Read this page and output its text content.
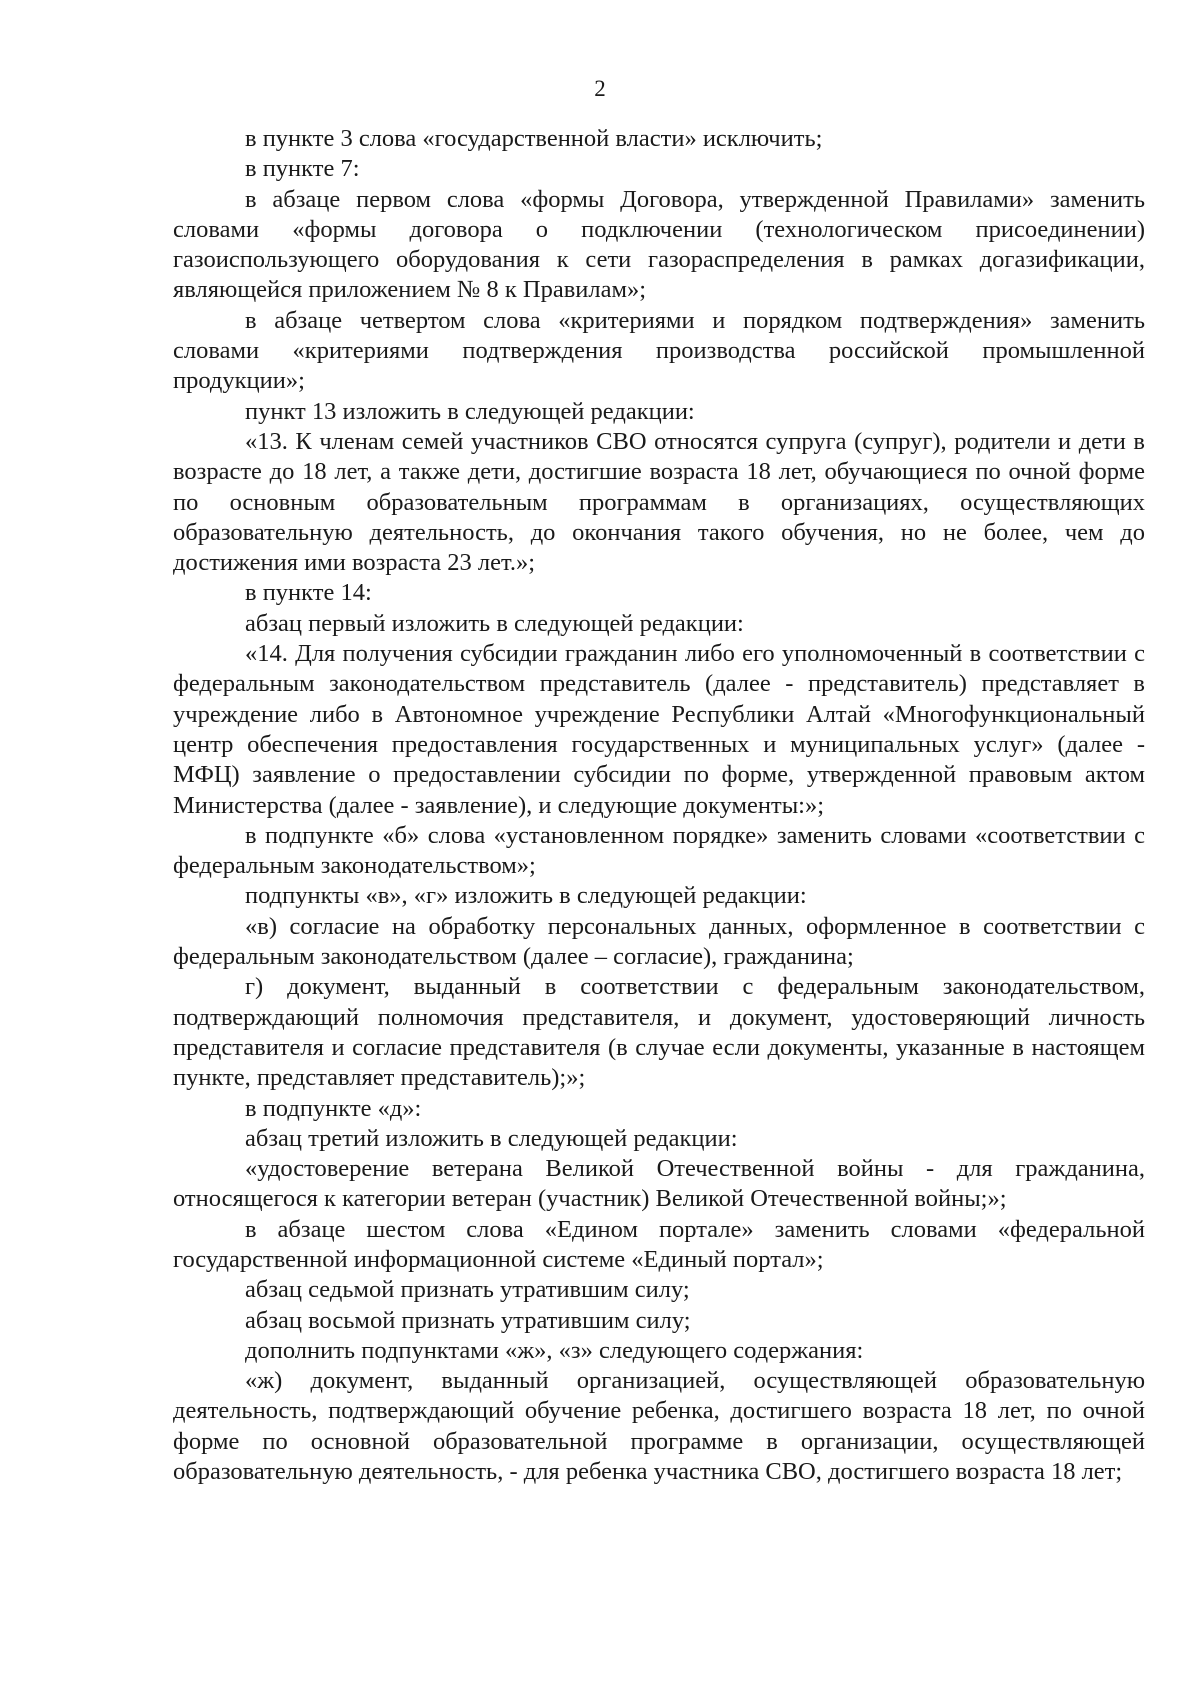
2

в пункте 3 слова «государственной власти» исключить;

в пункте 7:

в абзаце первом слова «формы Договора, утвержденной Правилами» заменить словами «формы договора о подключении (технологическом присоединении) газоиспользующего оборудования к сети газораспределения в рамках догазификации, являющейся приложением № 8 к Правилам»;

в абзаце четвертом слова «критериями и порядком подтверждения» заменить словами «критериями подтверждения производства российской промышленной продукции»;

пункт 13 изложить в следующей редакции:

«13. К членам семей участников СВО относятся супруга (супруг), родители и дети в возрасте до 18 лет, а также дети, достигшие возраста 18 лет, обучающиеся по очной форме по основным образовательным программам в организациях, осуществляющих образовательную деятельность, до окончания такого обучения, но не более, чем до достижения ими возраста 23 лет.»;

в пункте 14:

абзац первый изложить в следующей редакции:

«14. Для получения субсидии гражданин либо его уполномоченный в соответствии с федеральным законодательством представитель (далее - представитель) представляет в учреждение либо в Автономное учреждение Республики Алтай «Многофункциональный центр обеспечения предоставления государственных и муниципальных услуг» (далее - МФЦ) заявление о предоставлении субсидии по форме, утвержденной правовым актом Министерства (далее - заявление), и следующие документы:»;

в подпункте «б» слова «установленном порядке» заменить словами «соответствии с федеральным законодательством»;

подпункты «в», «г» изложить в следующей редакции:

«в) согласие на обработку персональных данных, оформленное в соответствии с федеральным законодательством (далее – согласие), гражданина;

г) документ, выданный в соответствии с федеральным законодательством, подтверждающий полномочия представителя, и документ, удостоверяющий личность представителя и согласие представителя (в случае если документы, указанные в настоящем пункте, представляет представитель);»;

в подпункте «д»:

абзац третий изложить в следующей редакции:

«удостоверение ветерана Великой Отечественной войны - для гражданина, относящегося к категории ветеран (участник) Великой Отечественной войны;»;

в абзаце шестом слова «Едином портале» заменить словами «федеральной государственной информационной системе «Единый портал»;

абзац седьмой признать утратившим силу;

абзац восьмой признать утратившим силу;

дополнить подпунктами «ж», «з» следующего содержания:

«ж) документ, выданный организацией, осуществляющей образовательную деятельность, подтверждающий обучение ребенка, достигшего возраста 18 лет, по очной форме по основной образовательной программе в организации, осуществляющей образовательную деятельность, - для ребенка участника СВО, достигшего возраста 18 лет;
